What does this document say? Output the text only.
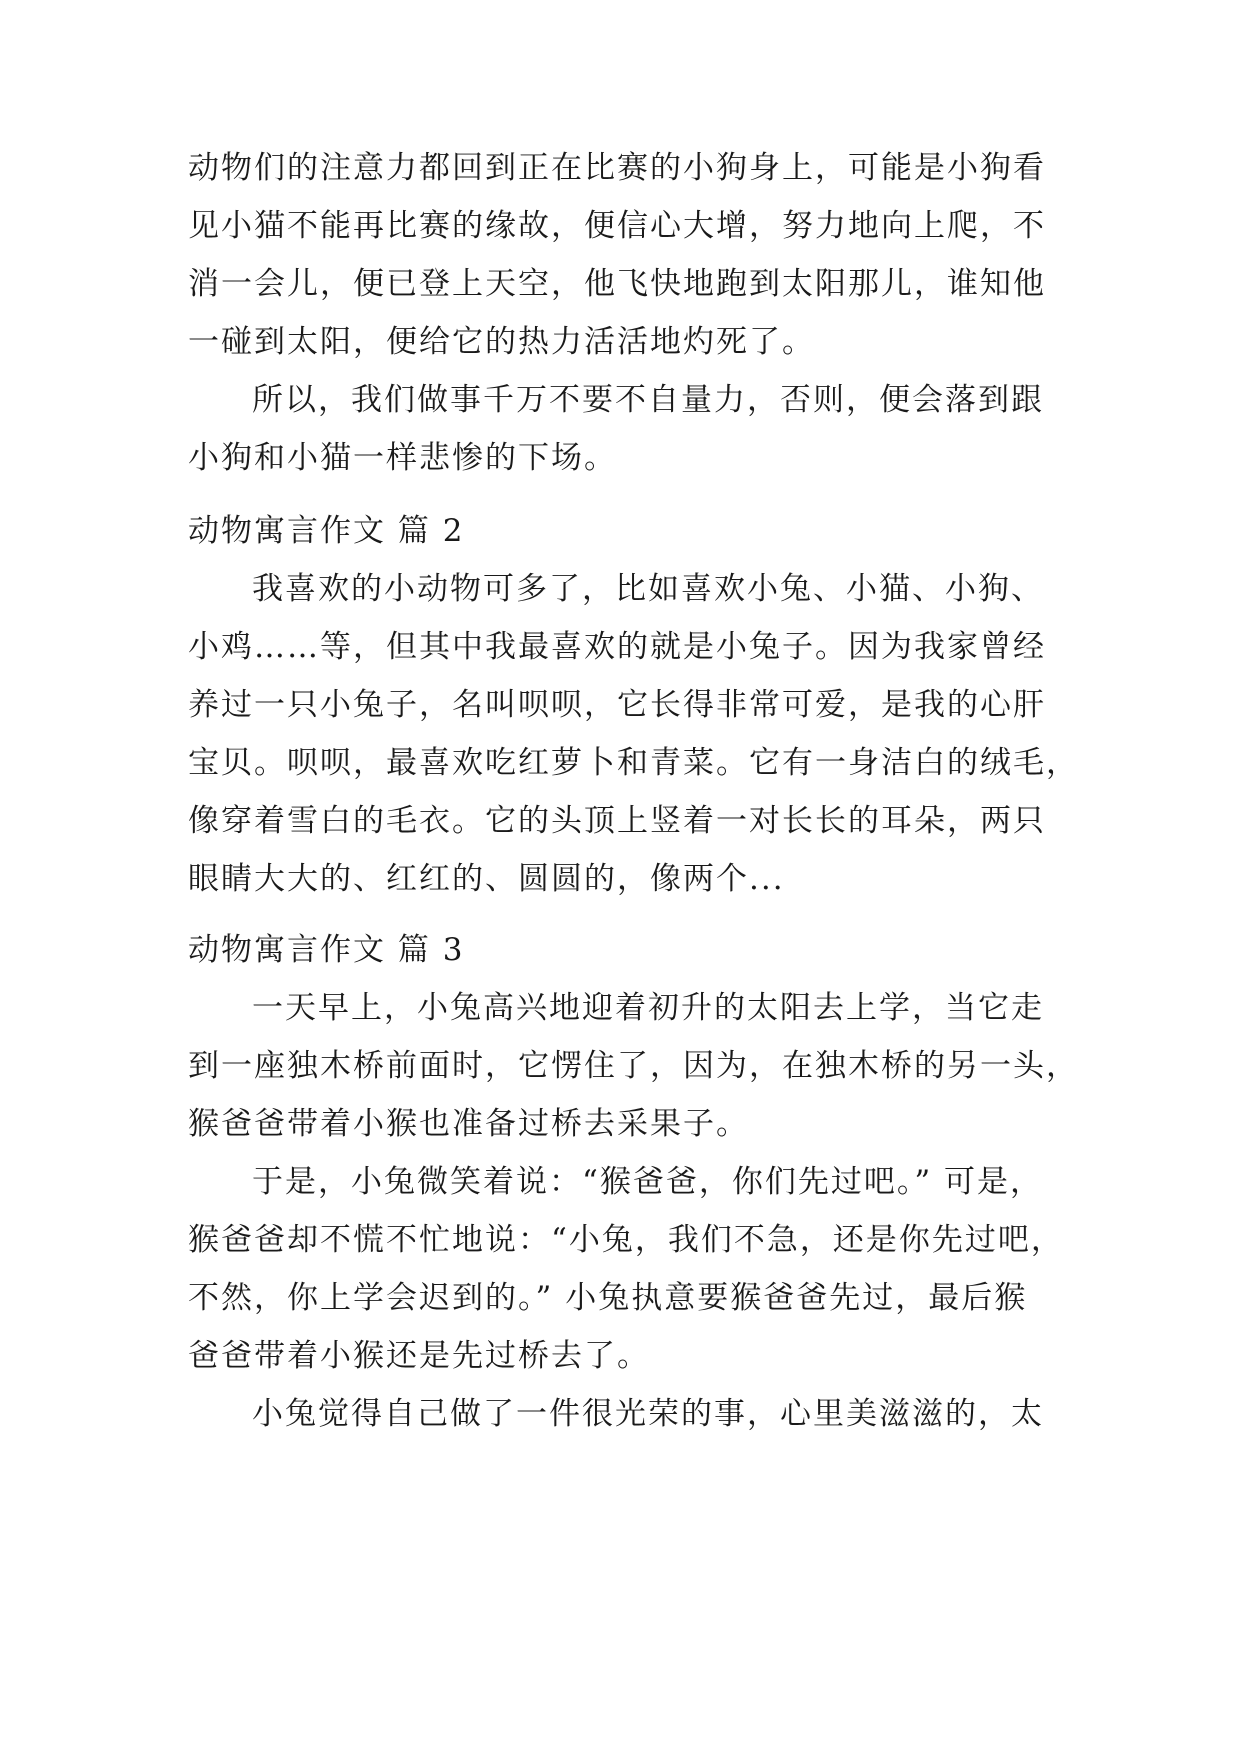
动物们的注意力都回到正在比赛的小狗身上，可能是小狗看
见小猫不能再比赛的缘故，便信心大增，努力地向上爬，不
消一会儿，便已登上天空，他飞快地跑到太阳那儿，谁知他
一碰到太阳，便给它的热力活活地灼死了。
所以，我们做事千万不要不自量力，否则，便会落到跟
小狗和小猫一样悲惨的下场。
动物寓言作文 篇 2
我喜欢的小动物可多了，比如喜欢小兔、小猫、小狗、
小鸡……等，但其中我最喜欢的就是小兔子。因为我家曾经
养过一只小兔子，名叫呗呗，它长得非常可爱，是我的心肝
宝贝。呗呗，最喜欢吃红萝卜和青菜。它有一身洁白的绒毛，
像穿着雪白的毛衣。它的头顶上竖着一对长长的耳朵，两只
眼睛大大的、红红的、圆圆的，像两个...
动物寓言作文 篇 3
一天早上，小兔高兴地迎着初升的太阳去上学，当它走
到一座独木桥前面时，它愣住了，因为，在独木桥的另一头，
猴爸爸带着小猴也准备过桥去采果子。
于是，小兔微笑着说：“猴爸爸，你们先过吧。” 可是，
猴爸爸却不慌不忙地说：“小兔，我们不急，还是你先过吧，
不然，你上学会迟到的。” 小兔执意要猴爸爸先过，最后猴
爸爸带着小猴还是先过桥去了。
小兔觉得自己做了一件很光荣的事，心里美滋滋的，太
